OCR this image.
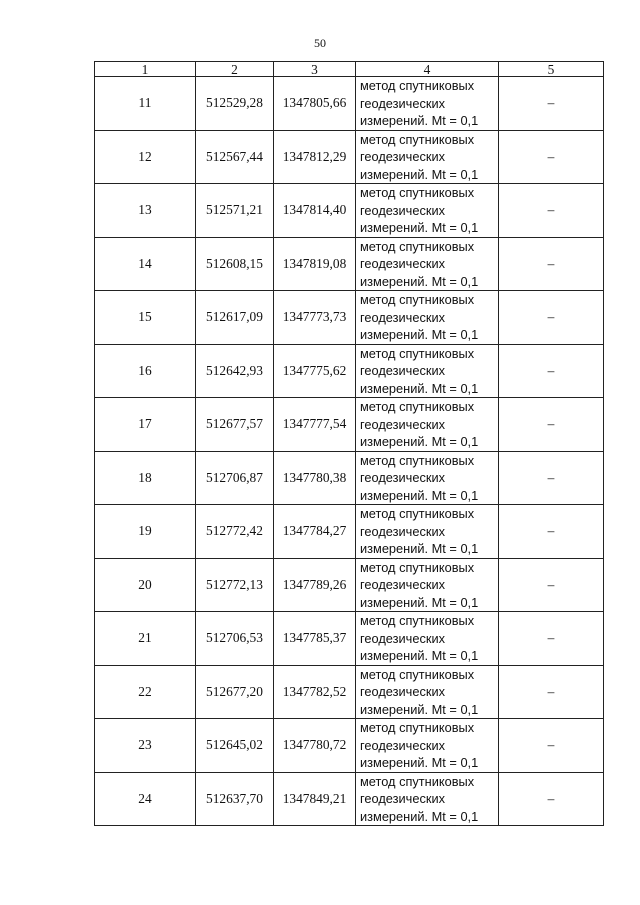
50
1	2	3	4	5
11	512529,28	1347805,66	метод спутниковых
геодезических
измерений. Mt = 0,1	–
12	512567,44	1347812,29	метод спутниковых
геодезических
измерений. Mt = 0,1	–
13	512571,21	1347814,40	метод спутниковых
геодезических
измерений. Mt = 0,1	–
14	512608,15	1347819,08	метод спутниковых
геодезических
измерений. Mt = 0,1	–
15	512617,09	1347773,73	метод спутниковых
геодезических
измерений. Mt = 0,1	–
16	512642,93	1347775,62	метод спутниковых
геодезических
измерений. Mt = 0,1	–
17	512677,57	1347777,54	метод спутниковых
геодезических
измерений. Mt = 0,1	–
18	512706,87	1347780,38	метод спутниковых
геодезических
измерений. Mt = 0,1	–
19	512772,42	1347784,27	метод спутниковых
геодезических
измерений. Mt = 0,1	–
20	512772,13	1347789,26	метод спутниковых
геодезических
измерений. Mt = 0,1	–
21	512706,53	1347785,37	метод спутниковых
геодезических
измерений. Mt = 0,1	–
22	512677,20	1347782,52	метод спутниковых
геодезических
измерений. Mt = 0,1	–
23	512645,02	1347780,72	метод спутниковых
геодезических
измерений. Mt = 0,1	–
24	512637,70	1347849,21	метод спутниковых
геодезических
измерений. Mt = 0,1	–
